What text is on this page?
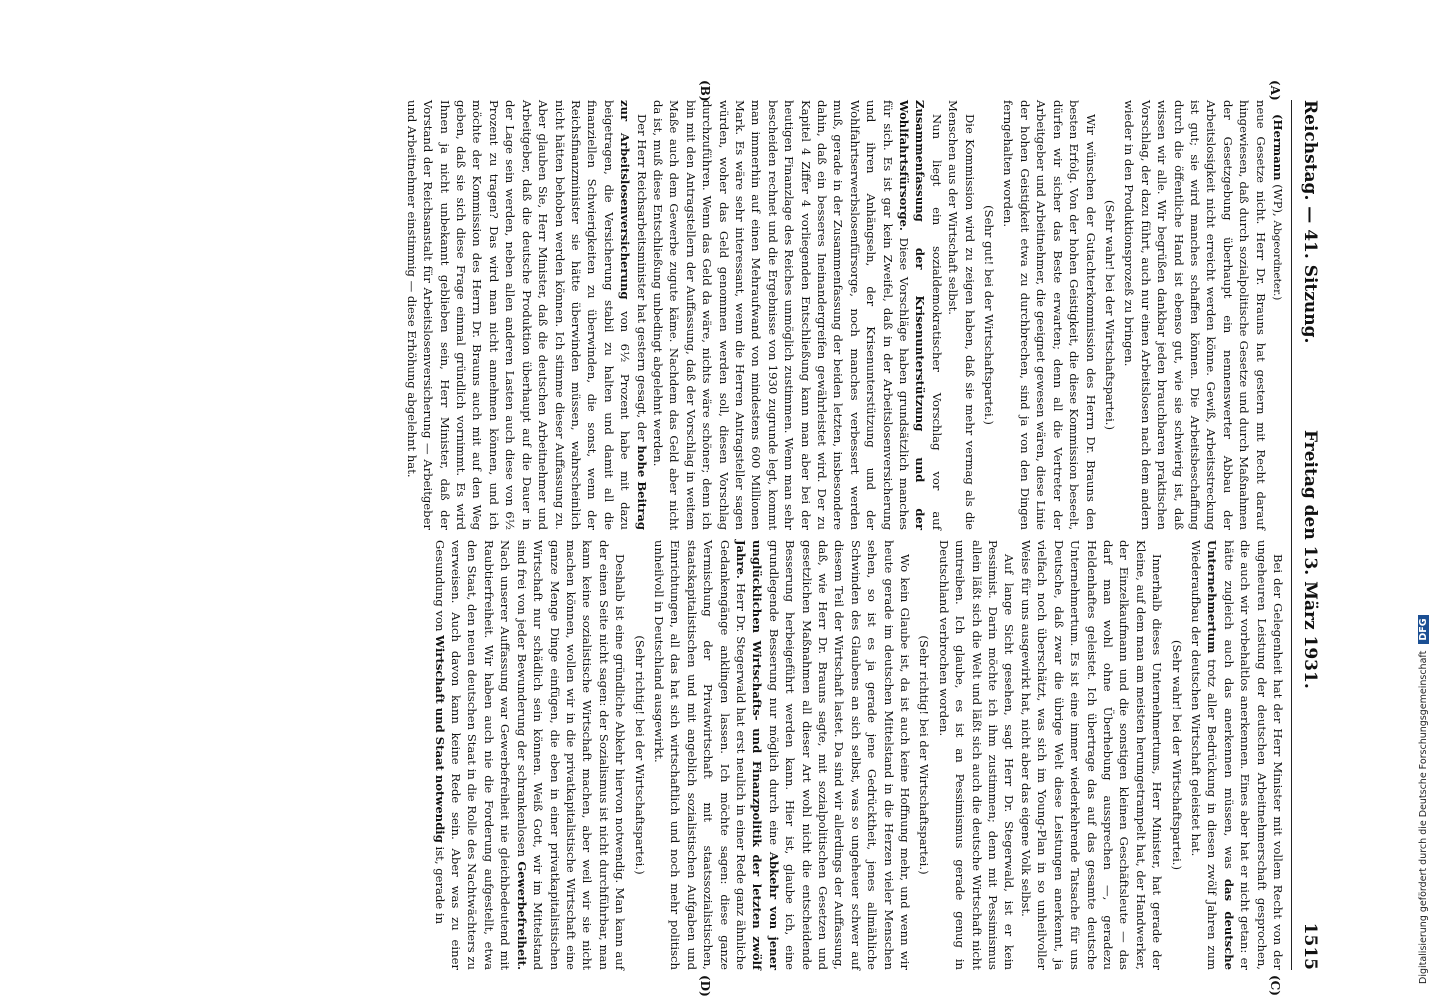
Reichstag. — 41. Sitzung.
Freitag den 13. März 1931.
1515
(A)
(B)
(C)
(D)

(Hermann (WP), Abgeordneter.)

neue Gesetze nicht. Herr Dr. Brauns hat gestern mit Recht darauf hingewiesen, daß durch sozialpolitische Gesetze und durch Maßnahmen der Gesetzgebung überhaupt ein nennenswerter Abbau der Arbeitslosigkeit nicht erreicht werden könne. Gewiß, Arbeitsstreckung ist gut; sie wird manches schaffen können. Die Arbeitsbeschaffung durch die öffentliche Hand ist ebenso gut, wie sie schwierig ist, daß wissen wir alle. Wir begrüßen dankbar jeden brauchbaren praktischen Vorschlag, der dazu führt, auch nur einen Arbeitslosen nach dem andern wieder in den Produktionsprozeß zu bringen.

(Sehr wahr! bei der Wirtschaftspartei.)

Wir wünschen der Gutachterkommission des Herrn Dr. Brauns den besten Erfolg. Von der hohen Geistigkeit, die diese Kommission beseelt, dürfen wir sicher das Beste erwarten; denn all die Vertreter der Arbeitgeber und Arbeitnehmer, die geeignet gewesen wären, diese Linie der hohen Geistigkeit etwa zu durchbrechen, sind ja von den Dingen ferngehalten worden.

(Sehr gut! bei der Wirtschaftspartei.)

Die Kommission wird zu zeigen haben, daß sie mehr vermag als die Menschen aus der Wirtschaft selbst.

Nun liegt ein sozialdemokratischer Vorschlag vor auf Zusammenfassung der Krisenunterstützung und der Wohlfahrtsfürsorge. Diese Vorschläge haben grundsätzlich manches für sich. Es ist gar kein Zweifel, daß in der Arbeitslosenversicherung und ihren Anhängseln, der Krisenunterstützung und der Wohlfahrtserwerbslosenfürsorge, noch manches verbessert werden muß, gerade in der Zusammenfassung der beiden letzten, insbesondere dahin, daß ein besseres Ineinandergreifen gewährleistet wird. Der zu Kapitel 4 Ziffer 4 vorliegenden Entschließung kann man aber bei der heutigen Finanzlage des Reiches unmöglich zustimmen. Wenn man sehr bescheiden rechnet und die Ergebnisse von 1930 zugrunde legt, kommt man immerhin auf einen Mehraufwand von mindestens 600 Millionen Mark. Es wäre sehr interessant, wenn die Herren Antragsteller sagen würden, woher das Geld genommen werden soll, diesen Vorschlag durchzuführen. Wenn das Geld da wäre, nichts wäre schöner; denn ich bin mit den Antragstellern der Auffassung, daß der Vorschlag in weitem Maße auch dem Gewerbe zugute käme. Nachdem das Geld aber nicht da ist, muß diese Entschließung unbedingt abgelehnt werden.

Der Herr Reichsarbeitsminister hat gestern gesagt, der hohe Beitrag zur Arbeitslosenversicherung von 6½ Prozent habe mit dazu beigetragen, die Versicherung stabil zu halten und damit all die finanziellen Schwierigkeiten zu überwinden, die sonst, wenn der Reichsfinanzminister sie hätte überwinden müssen, wahrscheinlich nicht hätten behoben werden können. Ich stimme dieser Auffassung zu. Aber glauben Sie, Herr Minister, daß die deutschen Arbeitnehmer und Arbeitgeber, daß die deutsche Produktion überhaupt auf die Dauer in der Lage sein werden, neben allen anderen Lasten auch diese von 6½ Prozent zu tragen? Das wird man nicht annehmen können, und ich möchte der Kommission des Herrn Dr. Brauns auch mit auf den Weg geben, daß sie sich diese Frage einmal gründlich vornimmt. Es wird Ihnen ja nicht unbekannt geblieben sein, Herr Minister, daß der Vorstand der Reichsanstalt für Arbeitslosenversicherung — Arbeitgeber und Arbeitnehmer einstimmig — diese Erhöhung abgelehnt hat.

Bei der Gelegenheit hat der Herr Minister mit vollem Recht von der ungeheuren Leistung der deutschen Arbeitnehmerschaft gesprochen, die auch wir vorbehaltlos anerkennen. Eines aber hat er nicht getan: er hätte zugleich auch das anerkennen müssen, was das deutsche Unternehmertum trotz aller Bedrückung in diesen zwölf Jahren zum Wiederaufbau der deutschen Wirtschaft geleistet hat.

(Sehr wahr! bei der Wirtschaftspartei.)

Innerhalb dieses Unternehmertums, Herr Minister, hat gerade der Kleine, auf dem man am meisten herumgetrampelt hat, der Handwerker, der Einzelkaufmann und die sonstigen kleinen Geschäftsleute — das darf man wohl ohne Überhebung aussprechen —, geradezu Heldenhaftes geleistet. Ich übertrage das auf das gesamte deutsche Unternehmertum. Es ist eine immer wiederkehrende Tatsache für uns Deutsche, daß zwar die übrige Welt diese Leistungen anerkennt, ja vielfach noch überschätzt, was sich im Young-Plan in so unheilvoller Weise für uns ausgewirkt hat, nicht aber das eigene Volk selbst.

Auf lange Sicht gesehen, sagt Herr Dr. Stegerwald, ist er kein Pessimist. Darin möchte ich ihm zustimmen; denn mit Pessimismus allein läßt sich die Welt und läßt sich auch die deutsche Wirtschaft nicht umtreiben. Ich glaube, es ist an Pessimismus gerade genug in Deutschland verbrochen worden.

(Sehr richtig! bei der Wirtschaftspartei.)

Wo kein Glaube ist, da ist auch keine Hoffnung mehr, und wenn wir heute gerade im deutschen Mittelstand in die Herzen vieler Menschen sehen, so ist es ja gerade jene Gedrücktheit, jenes allmähliche Schwinden des Glaubens an sich selbst, was so ungeheuer schwer auf diesem Teil der Wirtschaft lastet. Da sind wir allerdings der Auffassung, daß, wie Herr Dr. Brauns sagte, mit sozialpolitischen Gesetzen und gesetzlichen Maßnahmen all dieser Art wohl nicht die entscheidende Besserung herbeigeführt werden kann. Hier ist, glaube ich, eine grundlegende Besserung nur möglich durch eine Abkehr von jener unglücklichen Wirtschafts- und Finanzpolitik der letzten zwölf Jahre. Herr Dr. Stegerwald hat erst neulich in einer Rede ganz ähnliche Gedankengänge anklingen lassen. Ich möchte sagen: diese ganze Vermischung der Privatwirtschaft mit staatssozialistischen, staatskapitalistischen und mit angeblich sozialistischen Aufgaben und Einrichtungen, all das hat sich wirtschaftlich und noch mehr politisch unheilvoll in Deutschland ausgewirkt.

(Sehr richtig! bei der Wirtschaftspartei.)

Deshalb ist eine gründliche Abkehr hiervon notwendig. Man kann auf der einen Seite nicht sagen: der Sozialismus ist nicht durchführbar, man kann keine sozialistische Wirtschaft machen, aber weil wir sie nicht machen können, wollen wir in die privatkapitalistische Wirtschaft eine ganze Menge Dinge einfügen, die eben in einer privatkapitalistischen Wirtschaft nur schädlich sein können. Weiß Gott, wir im Mittelstand sind frei von jeder Bewunderung der schrankenlosen Gewerbefreiheit. Nach unserer Auffassung war Gewerbefreiheit nie gleichbedeutend mit Raubtierfreiheit. Wir haben auch nie die Forderung aufgestellt, etwa den Staat, den neuen deutschen Staat in die Rolle des Nachtwächters zu verweisen. Auch davon kann keine Rede sein. Aber was zu einer Gesundung von Wirtschaft und Staat notwendig ist, gerade in	Digitalisierung gefördert durch die Deutsche Forschungsgemeinschaft DFG
